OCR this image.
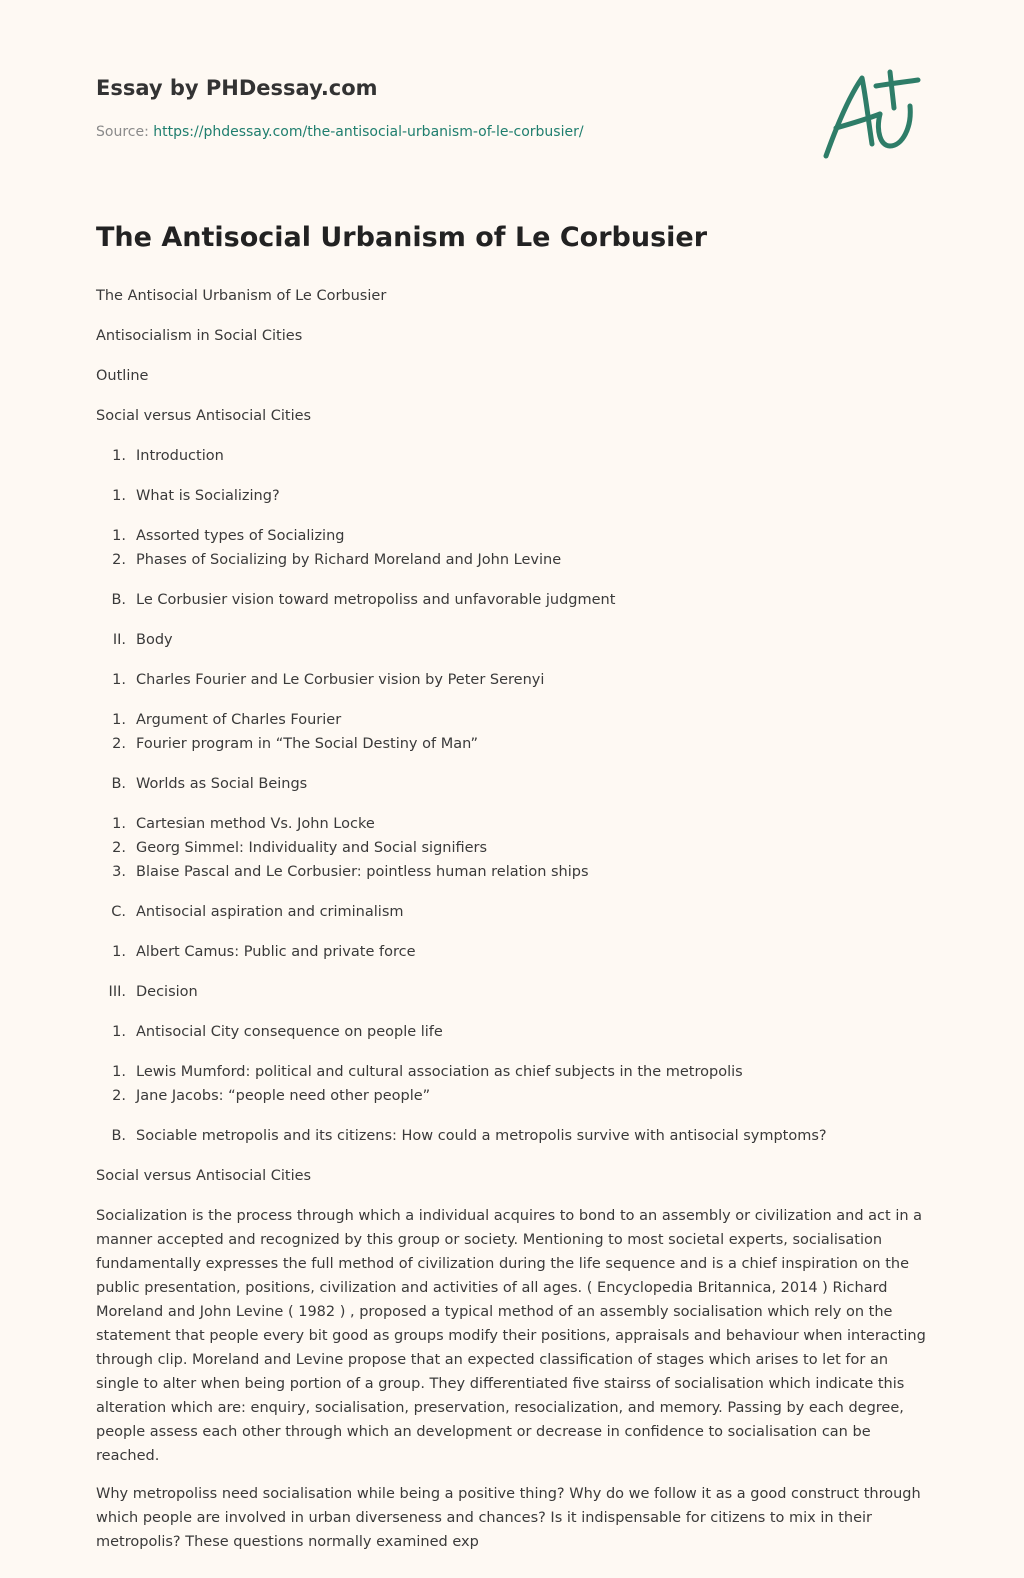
Essay by PHDessay.com
Source: https://phdessay.com/the-antisocial-urbanism-of-le-corbusier/
The Antisocial Urbanism of Le Corbusier

The Antisocial Urbanism of Le Corbusier

Antisocialism in Social Cities

Outline

Social versus Antisocial Cities

1. Introduction
1. What is Socializing?
1. Assorted types of Socializing
2. Phases of Socializing by Richard Moreland and John Levine
B. Le Corbusier vision toward metropoliss and unfavorable judgment
II. Body
1. Charles Fourier and Le Corbusier vision by Peter Serenyi
1. Argument of Charles Fourier
2. Fourier program in “The Social Destiny of Man”
B. Worlds as Social Beings
1. Cartesian method Vs. John Locke
2. Georg Simmel: Individuality and Social signifiers
3. Blaise Pascal and Le Corbusier: pointless human relation ships
C. Antisocial aspiration and criminalism
1. Albert Camus: Public and private force
III. Decision
1. Antisocial City consequence on people life
1. Lewis Mumford: political and cultural association as chief subjects in the metropolis
2. Jane Jacobs: “people need other people”
B. Sociable metropolis and its citizens: How could a metropolis survive with antisocial symptoms?

Social versus Antisocial Cities

Socialization is the process through which a individual acquires to bond to an assembly or civilization and act in a manner accepted and recognized by this group or society. Mentioning to most societal experts, socialisation fundamentally expresses the full method of civilization during the life sequence and is a chief inspiration on the public presentation, positions, civilization and activities of all ages. ( Encyclopedia Britannica, 2014 ) Richard Moreland and John Levine ( 1982 ) , proposed a typical method of an assembly socialisation which rely on the statement that people every bit good as groups modify their positions, appraisals and behaviour when interacting through clip. Moreland and Levine propose that an expected classification of stages which arises to let for an single to alter when being portion of a group. They differentiated five stairss of socialisation which indicate this alteration which are: enquiry, socialisation, preservation, resocialization, and memory. Passing by each degree, people assess each other through which an development or decrease in confidence to socialisation can be reached.

Why metropoliss need socialisation while being a positive thing? Why do we follow it as a good construct through which people are involved in urban diverseness and chances? Is it indispensable for citizens to mix in their metropolis? These questions normally examined exp
